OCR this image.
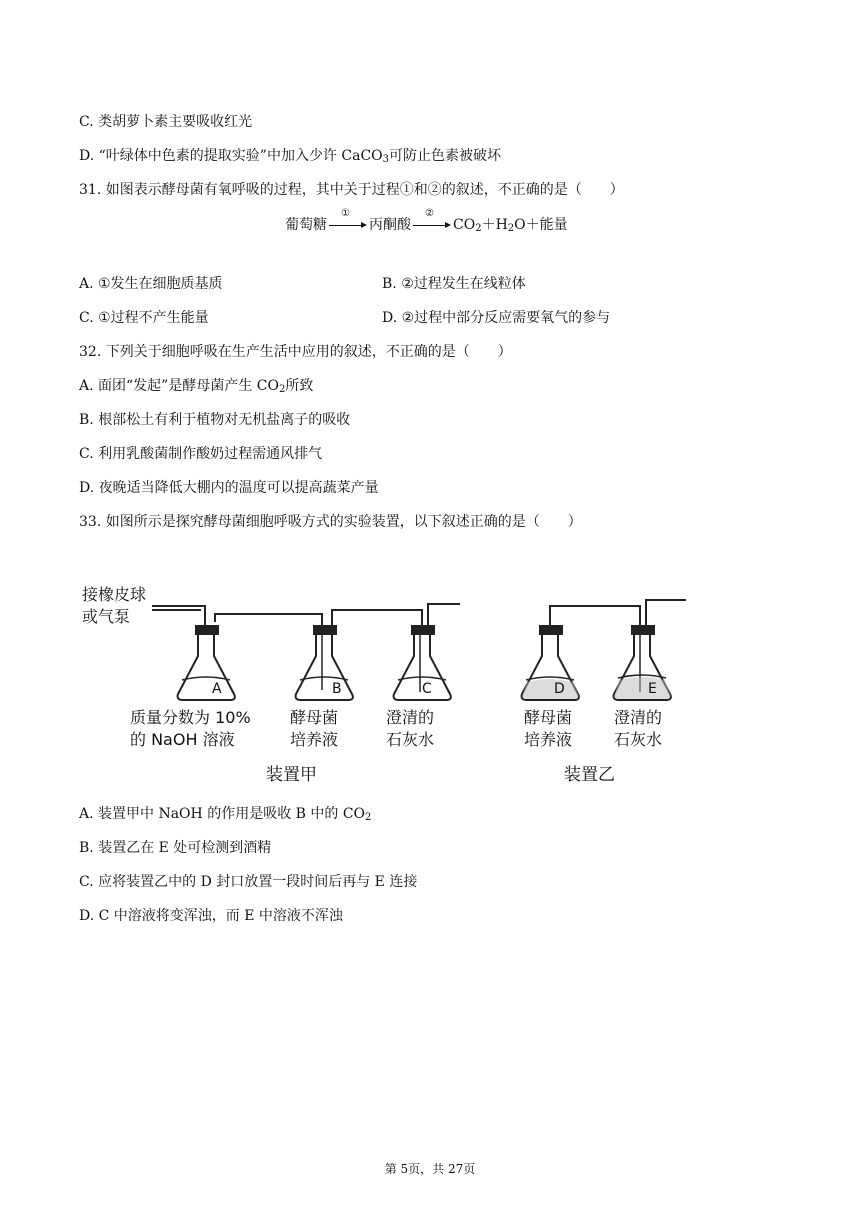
C. 类胡萝卜素主要吸收红光
D. “叶绿体中色素的提取实验”中加入少许 CaCO$_3$可防止色素被破坏
31. 如图表示酵母菌有氧呼吸的过程，其中关于过程①和②的叙述，不正确的是（　　）
葡萄糖
①
丙酮酸
②
$CO_2+H_2O+$能量
A. ①发生在细胞质基质	B. ②过程发生在线粒体
C. ①过程不产生能量	D. ②过程中部分反应需要氧气的参与
32. 下列关于细胞呼吸在生产生活中应用的叙述，不正确的是（　　）
A. 面团“发起”是酵母菌产生 $CO_2$所致
B. 根部松土有利于植物对无机盐离子的吸收
C. 利用乳酸菌制作酸奶过程需通风排气
D. 夜晚适当降低大棚内的温度可以提高蔬菜产量
33. 如图所示是探究酵母菌细胞呼吸方式的实验装置，以下叙述正确的是（　　）
接橡皮球
或气泵
A	B	C	D	E
质量分数为 10%
的 NaOH 溶液
酵母菌
培养液
澄清的
石灰水
酵母菌
培养液
澄清的
石灰水
装置甲	装置乙
A. 装置甲中 NaOH 的作用是吸收 B 中的 $CO_2$
B. 装置乙在 E 处可检测到酒精
C. 应将装置乙中的 D 封口放置一段时间后再与 E 连接
D. C 中溶液将变浑浊，而 E 中溶液不浑浊
第 5页，共 27页
